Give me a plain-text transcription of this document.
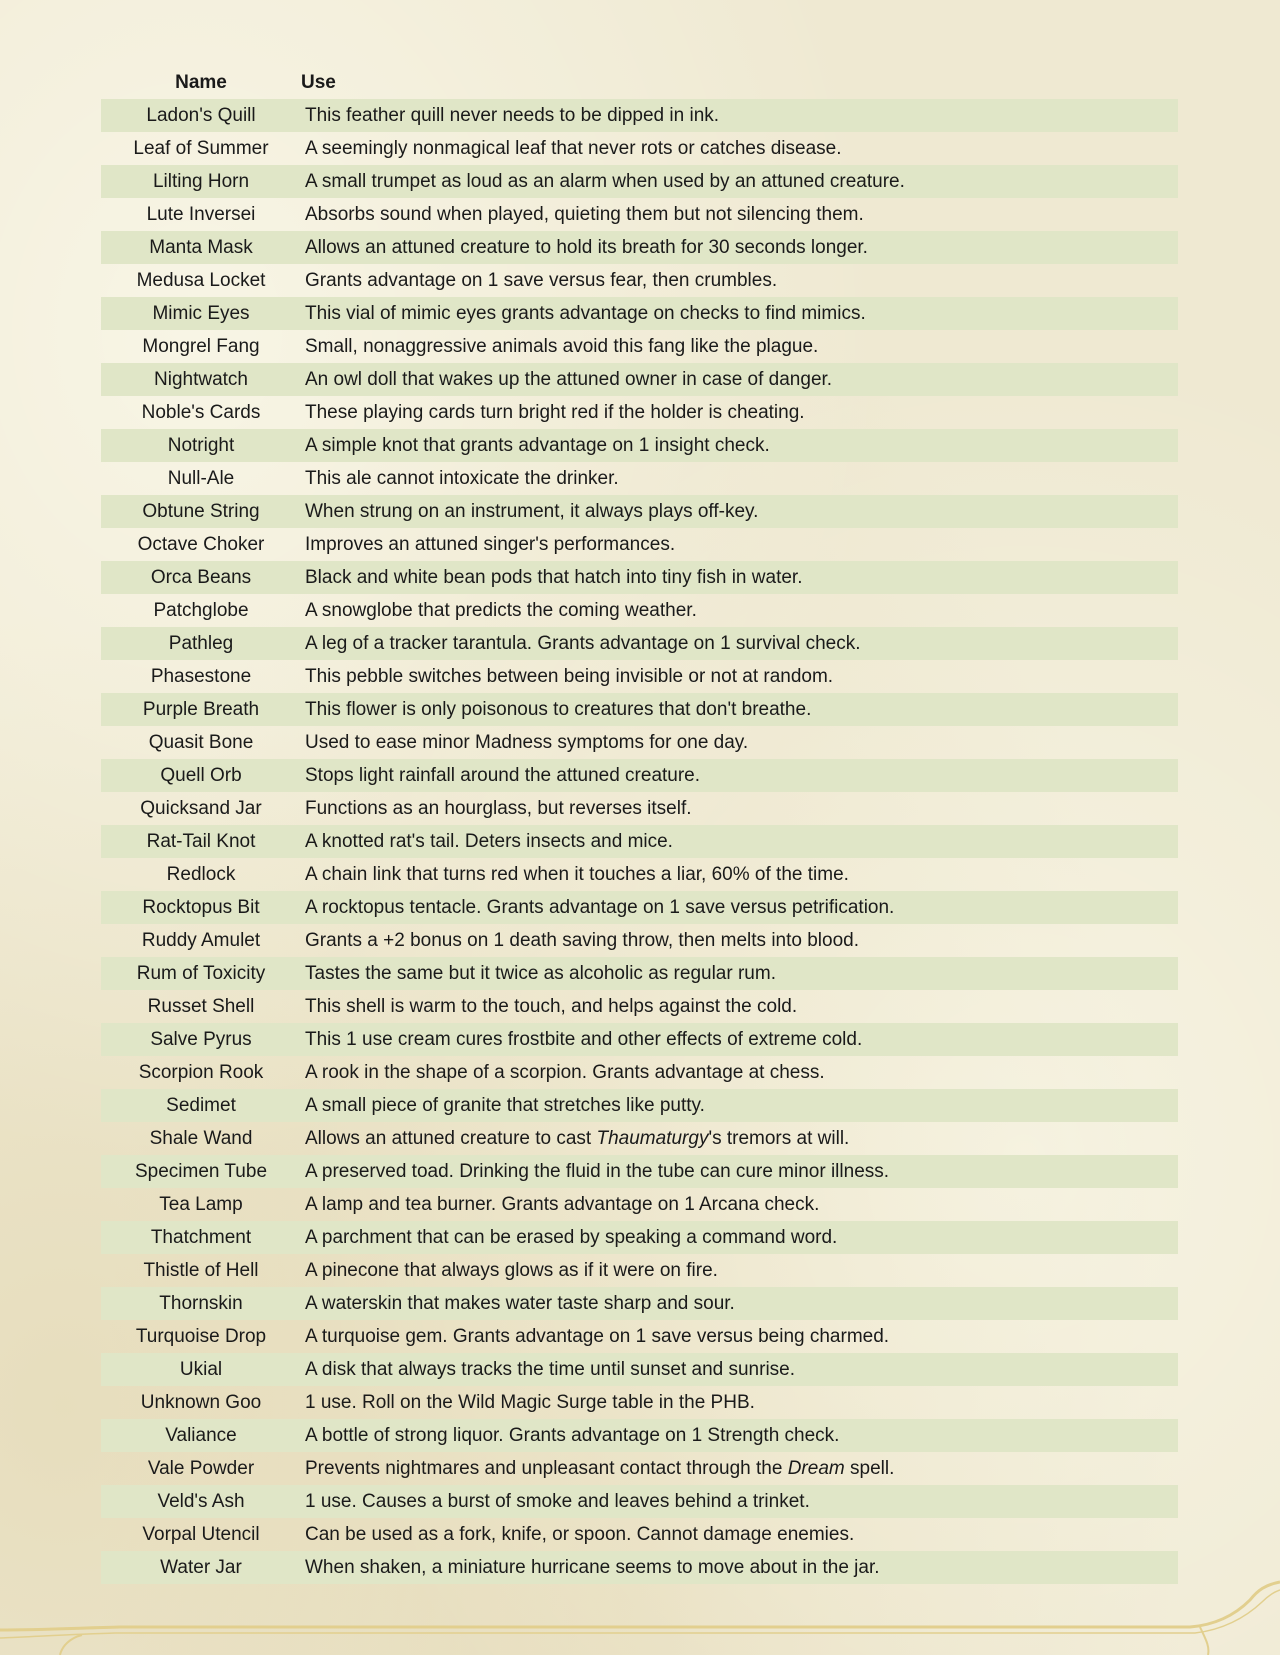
Name	Use
Ladon's Quill	This feather quill never needs to be dipped in ink.
Leaf of Summer	A seemingly nonmagical leaf that never rots or catches disease.
Lilting Horn	A small trumpet as loud as an alarm when used by an attuned creature.
Lute Inversei	Absorbs sound when played, quieting them but not silencing them.
Manta Mask	Allows an attuned creature to hold its breath for 30 seconds longer.
Medusa Locket	Grants advantage on 1 save versus fear, then crumbles.
Mimic Eyes	This vial of mimic eyes grants advantage on checks to find mimics.
Mongrel Fang	Small, nonaggressive animals avoid this fang like the plague.
Nightwatch	An owl doll that wakes up the attuned owner in case of danger.
Noble's Cards	These playing cards turn bright red if the holder is cheating.
Notright	A simple knot that grants advantage on 1 insight check.
Null-Ale	This ale cannot intoxicate the drinker.
Obtune String	When strung on an instrument, it always plays off-key.
Octave Choker	Improves an attuned singer's performances.
Orca Beans	Black and white bean pods that hatch into tiny fish in water.
Patchglobe	A snowglobe that predicts the coming weather.
Pathleg	A leg of a tracker tarantula. Grants advantage on 1 survival check.
Phasestone	This pebble switches between being invisible or not at random.
Purple Breath	This flower is only poisonous to creatures that don't breathe.
Quasit Bone	Used to ease minor Madness symptoms for one day.
Quell Orb	Stops light rainfall around the attuned creature.
Quicksand Jar	Functions as an hourglass, but reverses itself.
Rat-Tail Knot	A knotted rat's tail. Deters insects and mice.
Redlock	A chain link that turns red when it touches a liar, 60% of the time.
Rocktopus Bit	A rocktopus tentacle. Grants advantage on 1 save versus petrification.
Ruddy Amulet	Grants a +2 bonus on 1 death saving throw, then melts into blood.
Rum of Toxicity	Tastes the same but it twice as alcoholic as regular rum.
Russet Shell	This shell is warm to the touch, and helps against the cold.
Salve Pyrus	This 1 use cream cures frostbite and other effects of extreme cold.
Scorpion Rook	A rook in the shape of a scorpion. Grants advantage at chess.
Sedimet	A small piece of granite that stretches like putty.
Shale Wand	Allows an attuned creature to cast Thaumaturgy's tremors at will.
Specimen Tube	A preserved toad. Drinking the fluid in the tube can cure minor illness.
Tea Lamp	A lamp and tea burner. Grants advantage on 1 Arcana check.
Thatchment	A parchment that can be erased by speaking a command word.
Thistle of Hell	A pinecone that always glows as if it were on fire.
Thornskin	A waterskin that makes water taste sharp and sour.
Turquoise Drop	A turquoise gem. Grants advantage on 1 save versus being charmed.
Ukial	A disk that always tracks the time until sunset and sunrise.
Unknown Goo	1 use. Roll on the Wild Magic Surge table in the PHB.
Valiance	A bottle of strong liquor. Grants advantage on 1 Strength check.
Vale Powder	Prevents nightmares and unpleasant contact through the Dream spell.
Veld's Ash	1 use. Causes a burst of smoke and leaves behind a trinket.
Vorpal Utencil	Can be used as a fork, knife, or spoon. Cannot damage enemies.
Water Jar	When shaken, a miniature hurricane seems to move about in the jar.
